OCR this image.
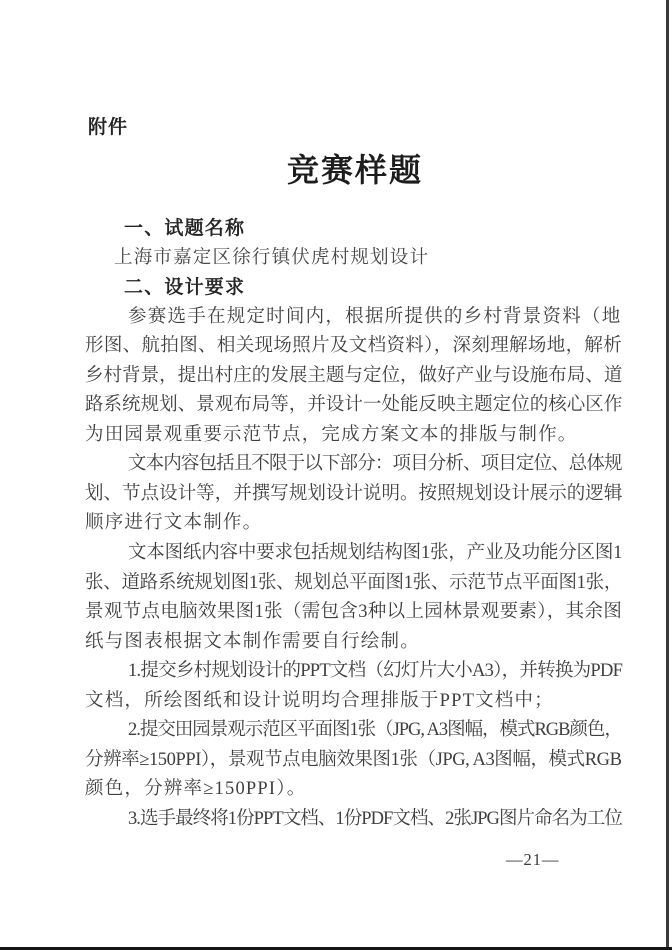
附件
竞赛样题
一、试题名称
上海市嘉定区徐行镇伏虎村规划设计
二、设计要求
参赛选手在规定时间内，根据所提供的乡村背景资料（地
形图、航拍图、相关现场照片及文档资料），深刻理解场地，解析
乡村背景，提出村庄的发展主题与定位，做好产业与设施布局、道
路系统规划、景观布局等，并设计一处能反映主题定位的核心区作
为田园景观重要示范节点，完成方案文本的排版与制作。
文本内容包括且不限于以下部分：项目分析、项目定位、总体规
划、节点设计等，并撰写规划设计说明。按照规划设计展示的逻辑
顺序进行文本制作。
文本图纸内容中要求包括规划结构图1张，产业及功能分区图1
张、道路系统规划图1张、规划总平面图1张、示范节点平面图1张，
景观节点电脑效果图1张（需包含3种以上园林景观要素），其余图
纸与图表根据文本制作需要自行绘制。
1.提交乡村规划设计的PPT文档（幻灯片大小A3），并转换为PDF
文档，所绘图纸和设计说明均合理排版于PPT文档中；
2.提交田园景观示范区平面图1张（JPG, A3图幅，模式RGB颜色，
分辨率≥150PPI），景观节点电脑效果图1张（JPG, A3图幅，模式RGB
颜色，分辨率≥150PPI）。
3.选手最终将1份PPT文档、1份PDF文档、2张JPG图片命名为工位
—21—
